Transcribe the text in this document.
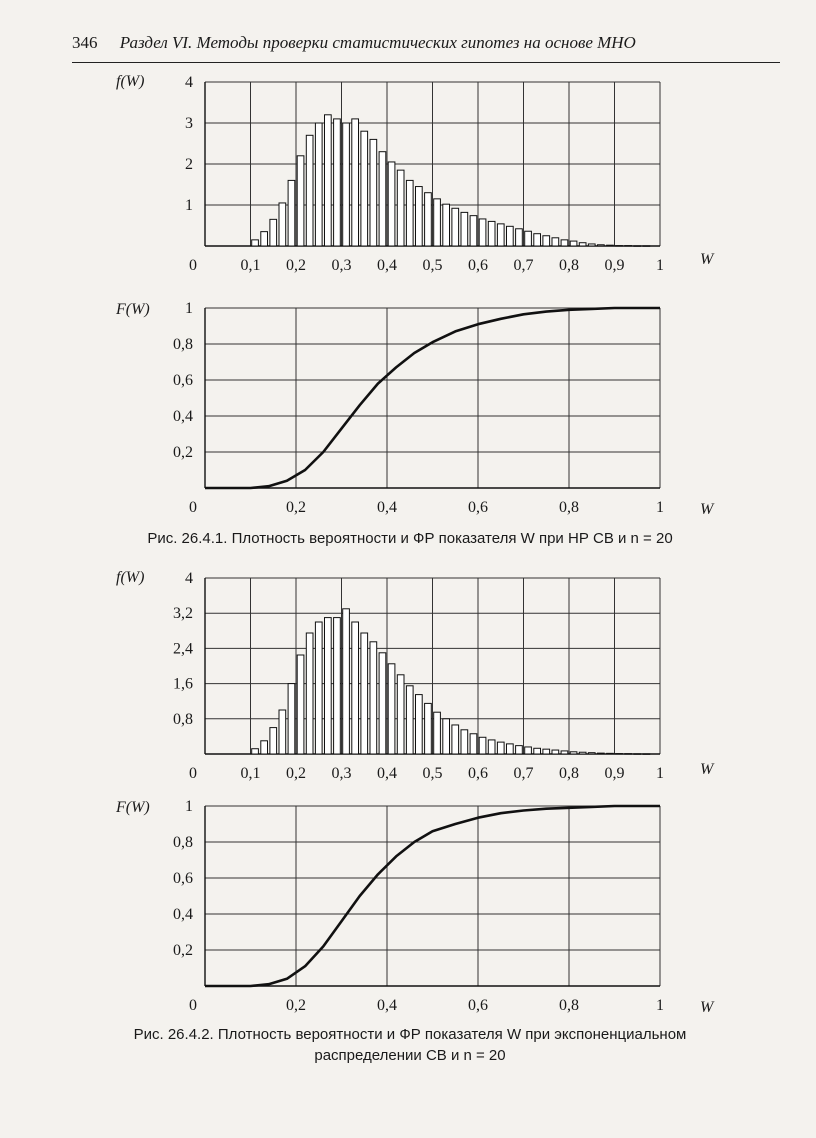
346 Раздел VI. Методы проверки статистических гипотез на основе МНО
1
2
3
4
0	0,1 0,2 0,3 0,4 0,5 0,6 0,7 0,8 0,9 1
f(W)
W
0,2
0,4
0,6
0,8
1
0	0,2	0,4	0,6	0,8	1
F(W)
W
Рис. 26.4.1. Плотность вероятности и ФР показателя W при НР СВ и n = 20
0,8
1,6
2,4
3,2
4
0	0,1 0,2 0,3 0,4 0,5 0,6 0,7 0,8 0,9 1
f(W)
W
0,2
0,4
0,6
0,8
1
0	0,2	0,4	0,6	0,8	1
F(W)
W
Рис. 26.4.2. Плотность вероятности и ФР показателя W при экспоненциальном
распределении СВ и n = 20
